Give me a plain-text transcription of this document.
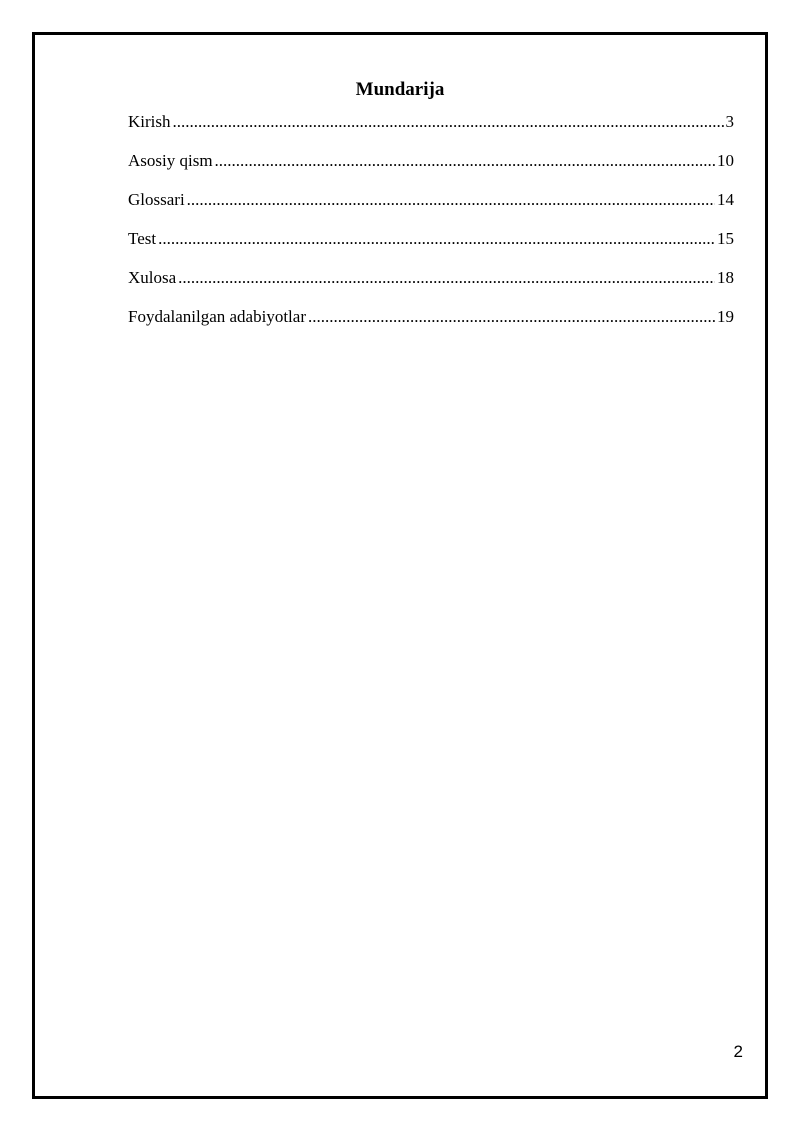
Mundarija
Kirish .....	3
Asosiy qism .....	10
Glossari .....	14
Test .....	15
Xulosa .....	18
Foydalanilgan adabiyotlar .....	19
2
